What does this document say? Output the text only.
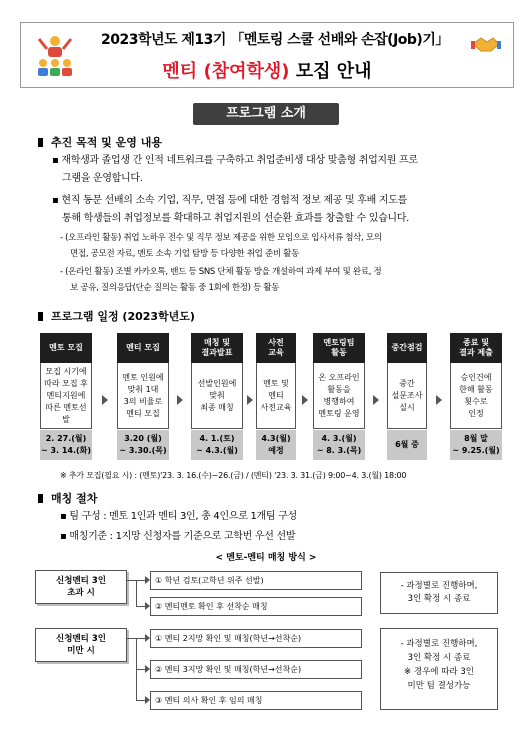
2023학년도 제13기 「멘토링 스쿨 선배와 손잡(Job)기」
멘티 (참여학생) 모집 안내
프로그램 소개
추진 목적 및 운영 내용
▪ 재학생과 졸업생 간 인적 네트워크를 구축하고 취업준비생 대상 맞춤형 취업지원 프로
그램을 운영합니다.
▪ 현직 동문 선배의 소속 기업, 직무, 면접 등에 대한 경험적 정보 제공 및 후배 지도를
통해 학생들의 취업정보를 확대하고 취업지원의 선순환 효과를 창출할 수 있습니다.
- (오프라인 활동) 취업 노하우 전수 및 직무 정보 제공을 위한 모임으로 입사서류 첨삭, 모의
면접, 공모전 자료, 멘토 소속 기업 탐방 등 다양한 취업 준비 활동
- (온라인 활동) 조별 카카오톡, 밴드 등 SNS 단체 활동 방을 개설하여 과제 부여 및 완료, 정
보 공유, 질의응답(단순 질의는 활동 중 1회에 한정) 등 활동
프로그램 일정 (2023학년도)
멘토 모집
모집 시기에
따라 모집 후
멘티지원에
따른 멘토선발
2. 27.(월)
~ 3. 14.(화)
멘티 모집
멘토 인원에
맞춰 1대
3의 비율로
멘티 모집
3.20 (월)
~ 3.30.(목)
매칭 및
결과발표
선발인원에
맞춰
최종 매칭
4. 1.(토)
~ 4.3.(월)
사전
교육
멘토 및
멘티
사전교육
4.3(월)
예정
멘토링팀
활동
온 오프라인
활동을
병행하여
멘토링 운영
4. 3.(월)
~ 8. 3.(목)
중간점검
중간
설문조사
실시
6월 중
종료 및
결과 제출
승인건에
한해 활동
횟수로
인정
8월 말
~ 9.25.(월)
※ 추가 모집(필요 시) : (멘토)'23. 3. 16.(수)~26.(금) / (멘티) '23. 3. 31.(금) 9:00~4. 3.(월) 18:00
매칭 절차
▪ 팀 구성 : 멘토 1인과 멘티 3인, 총 4인으로 1개팀 구성
▪ 매칭기준 : 1지망 신청자를 기준으로 고학번 우선 선발
< 멘토-멘티 매칭 방식 >
신청멘티 3인
초과 시
① 학년 검토(고학년 위주 선발)
② 멘티멘토 확인 후 선착순 매칭
- 과정별로 진행하며,
3인 확정 시 종료
신청멘티 3인
미만 시
① 멘티 2지망 확인 및 매칭(학년→선착순)
② 멘티 3지망 확인 및 매칭(학년→선착순)
③ 멘티 의사 확인 후 임의 매칭
- 과정별로 진행하며,
3인 확정 시 종료
※ 경우에 따라 3인
미만 팀 결성가능
